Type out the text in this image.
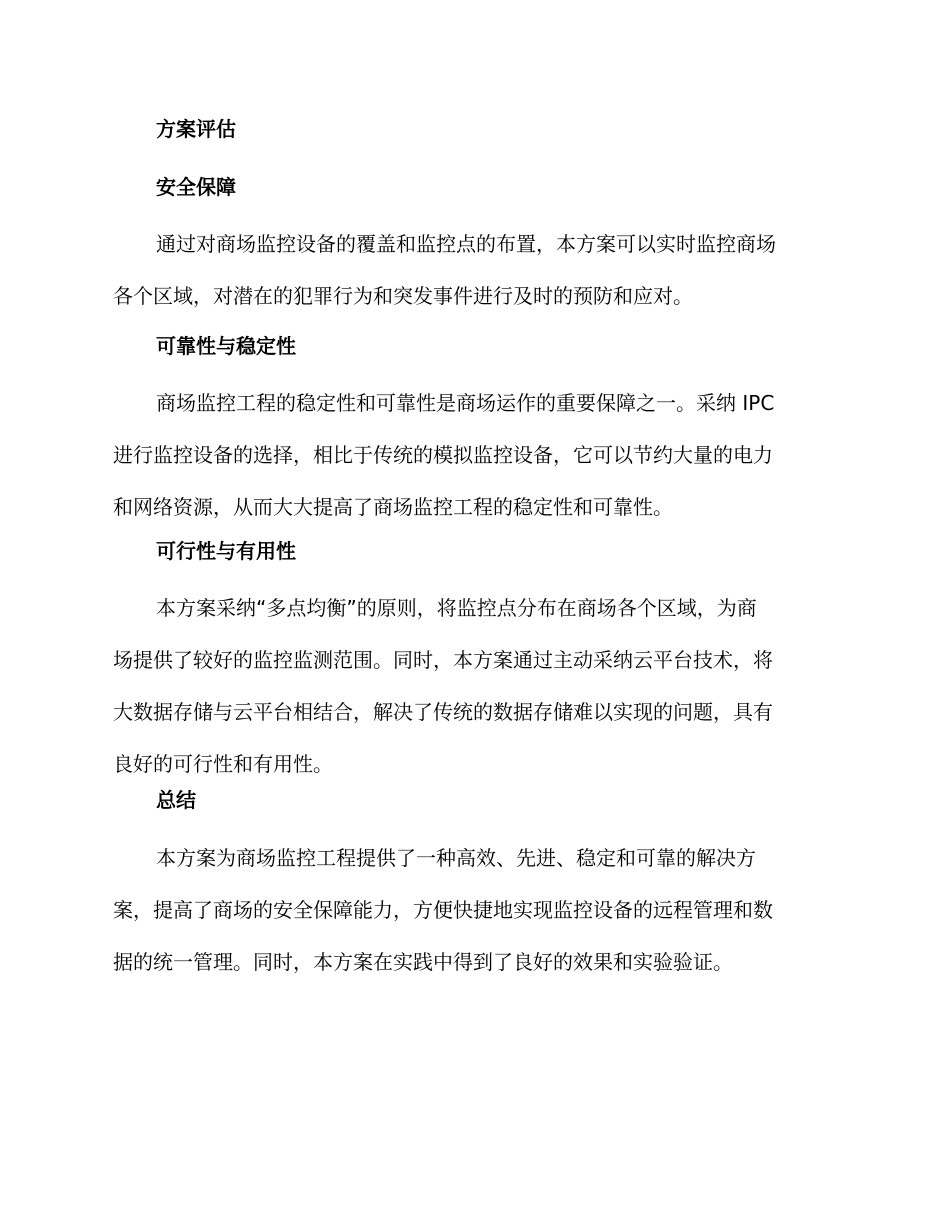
方案评估
安全保障

通过对商场监控设备的覆盖和监控点的布置，本方案可以实时监控商场
各个区域，对潜在的犯罪行为和突发事件进行及时的预防和应对。

可靠性与稳定性

商场监控工程的稳定性和可靠性是商场运作的重要保障之一。采纳 IPC
进行监控设备的选择，相比于传统的模拟监控设备，它可以节约大量的电力
和网络资源，从而大大提高了商场监控工程的稳定性和可靠性。

可行性与有用性

本方案采纳“多点均衡”的原则，将监控点分布在商场各个区域，为商
场提供了较好的监控监测范围。同时，本方案通过主动采纳云平台技术，将
大数据存储与云平台相结合，解决了传统的数据存储难以实现的问题，具有
良好的可行性和有用性。

总结

本方案为商场监控工程提供了一种高效、先进、稳定和可靠的解决方
案，提高了商场的安全保障能力，方便快捷地实现监控设备的远程管理和数
据的统一管理。同时，本方案在实践中得到了良好的效果和实验验证。
